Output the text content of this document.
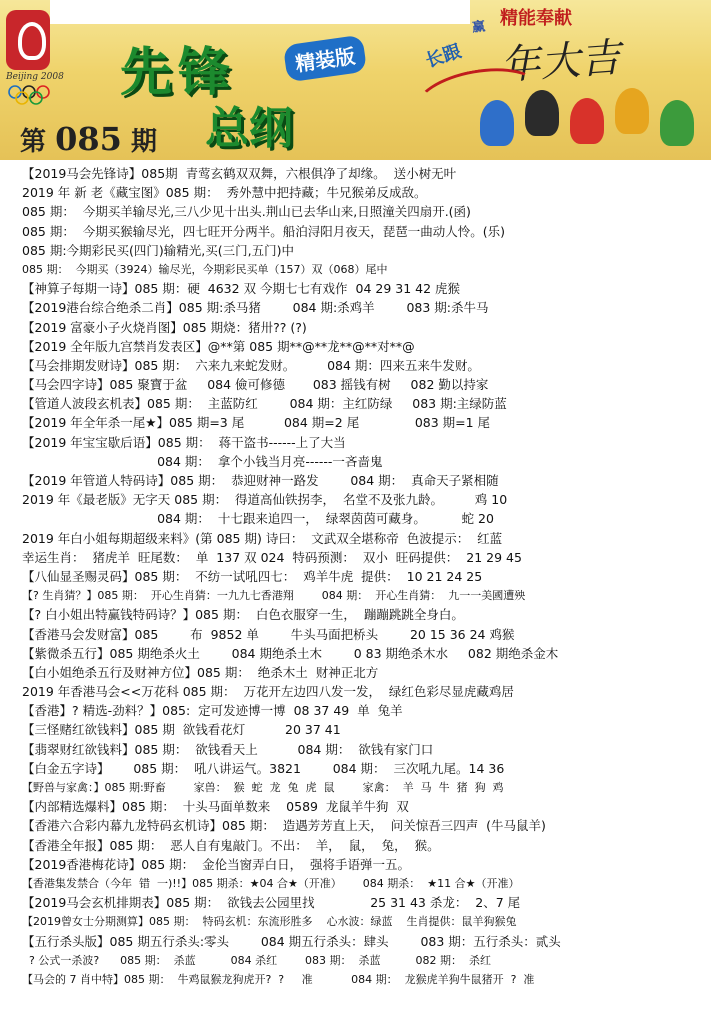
Beijing 2008 先锋	精装版
总纲
赢 精能奉献
长跟 年大吉
第 085 期
【2019马会先锋诗】085期  青莺玄鹤双双舞，六根俱净了却缘。  送小树无叶
2019 年 新 老《藏宝图》085 期：  秀外慧中把持藏；牛兄猴弟反成敌。
085 期：  今期买羊输尽光,三八少见十出头.荆山已去华山来,日照潼关四扇开.(函)
085 期：  今期买猴输尽光，四七旺开分两半。船泊浔阳月夜天，琵琶一曲动人怜。(乐)
085 期:今期彩民买(四门)输精光,买(三门,五门)中
085 期：  今期买（3924）输尽光，今期彩民买单（157）双（068）尾中
【神算子每期一诗】085 期：硬  4632 双 今期七七有戏作  04 29 31 42 虎猴
【2019港台综合绝杀二肖】085 期:杀马猪        084 期:杀鸡羊        083 期:杀牛马
【2019 富豪小子火烧肖图】085 期烧：猪卅?? (?)
【2019 全年版九宫禁肖发表区】@**第 085 期**@**龙**@**对**@
【马会排期发财诗】085 期：  六来九来蛇发财。        084 期：四来五来牛发财。
【马会四字诗】085 聚寶于盆     084 儉可修德       083 摇钱有树     082 勤以持家
【管道人波段玄机表】085 期：  主蓝防红        084 期：主红防绿     083 期:主绿防蓝
【2019 年全年杀一尾★】085 期=3 尾          084 期=2 尾              083 期=1 尾
【2019 年宝宝歇后语】085 期：  蒋干盗书------上了大当
084 期：  拿个小钱当月亮------一吝啬鬼
【2019 年管道人特码诗】085 期：  恭迎财神一路发        084 期：  真命天子紧相随
2019 年《最老版》无字天 085 期：  得道高仙铁拐李，  名堂不及张九龄。        鸡 10
084 期：  十七跟来追四一，  绿翠茵茵可藏身。         蛇 20
2019 年白小姐每期超级来料》(第 085 期) 诗曰：  文武双全堪称帝  色波提示：  红蓝
幸运生肖：  猪虎羊  旺尾数：  单  137 双 024  特码预测：  双小  旺码提供：  21 29 45
【八仙显圣赐灵码】085 期：  不纺一试吼四七：  鸡羊牛虎  提供：  10 21 24 25
【? 生肖猜？】085 期：  开心生肖猜：一九九七香港翔        084 期：  开心生肖猜：  九一一美國遭殃
【? 白小姐出特赢钱特码诗？】085 期：  白色衣服穿一生，  蹦蹦跳跳全身白。
【香港马会发财富】085        布  9852 单        牛头马面把桥头        20 15 36 24 鸡猴
【紫微杀五行】085 期绝杀火土        084 期绝杀土木        0 83 期绝杀木水     082 期绝杀金木
【白小姐绝杀五行及财神方位】085 期：  绝杀木土  财神正北方
2019 年香港马会<<万花科 085 期：  万花开左边四八发一发，  绿红色彩尽显虎藏鸡居
【香港】? 精选-劲料？】085:  定可发迹博一博  08 37 49  单  兔羊
【三怪赌红欲钱料】085 期  欲钱看花灯          20 37 41
【翡翠财红欲钱料】085 期：  欲钱看天上          084 期：  欲钱有家门口
【白金五字诗】      085 期：  吼八讲运气。3821        084 期：  三次吼九尾。14 36
【野兽与家禽：】085 期:野畜        家兽：  猴  蛇  龙  兔  虎  鼠        家禽：  羊  马  牛  猪  狗  鸡
【内部精选爆料】085 期：  十头马面单数来    0589  龙鼠羊牛狗  双
【香港六合彩内幕九龙特码玄机诗】085 期：  造遇芳芳直上天，  问关惊吾三四声  (牛马鼠羊)
【香港全年报】085 期：  恶人自有鬼敲门。不出：  羊，  鼠，  兔，  猴。
【2019香港梅花诗】085 期：  金伦当窗弄白日，  强将手语弹一五。
【香港集发禁合（今年  错  一)!!】085 期杀：★04 合★（开准）      084 期杀：  ★11 合★（开准）
【2019马会玄机排期表】085 期：  欲钱去公园里找              25 31 43 杀龙：  2、7 尾
【2019曾女士分期测算】085 期：  特码玄机：东流形胜多    心水波：绿蓝    生肖提供：鼠羊狗猴兔
【五行杀头版】085 期五行杀头:零头        084 期五行杀头：肆头        083 期：五行杀头：贰头
? 公式一杀波?      085 期：  杀蓝          084 杀红        083 期：  杀蓝          082 期：  杀红
【马会的 7 肖中特】085 期：  牛鸡鼠猴龙狗虎开?  ?     准           084 期：  龙猴虎羊狗牛鼠猪开  ?  准
